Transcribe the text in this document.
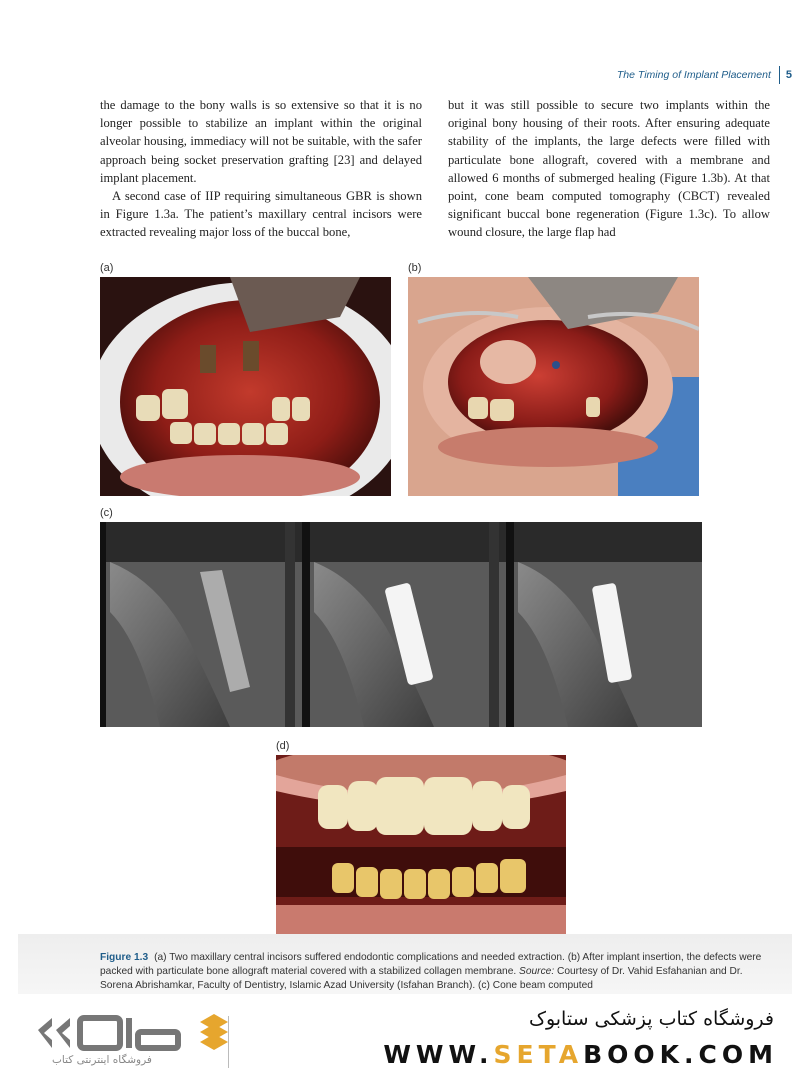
The Timing of Implant Placement 5

the damage to the bony walls is so extensive so that it is no longer possible to stabilize an implant within the original alveolar housing, immediacy will not be suitable, with the safer approach being socket preservation grafting [23] and delayed implant placement.

A second case of IIP requiring simultaneous GBR is shown in Figure 1.3a. The patient’s maxillary central incisors were extracted revealing major loss of the buccal bone,

but it was still possible to secure two implants within the original bony housing of their roots. After ensuring adequate stability of the implants, the large defects were filled with particulate bone allograft, covered with a membrane and allowed 6 months of submerged healing (Figure 1.3b). At that point, cone beam computed tomography (CBCT) revealed significant buccal bone regeneration (Figure 1.3c). To allow wound closure, the large flap had

(a)	(b)
(c)
(d)
Figure 1.3 (a) Two maxillary central incisors suffered endodontic complications and needed extraction. (b) After implant insertion, the defects were packed with particulate bone allograft material covered with a stabilized collagen membrane. Source: Courtesy of Dr. Vahid Esfahanian and Dr. Sorena Abrishamkar, Faculty of Dentistry, Islamic Azad University (Isfahan Branch). (c) Cone beam computed
فروشگاه اینترنتی کتاب
فروشگاه کتاب پزشکی ستابوک
WWW.SETABOOK.COM
